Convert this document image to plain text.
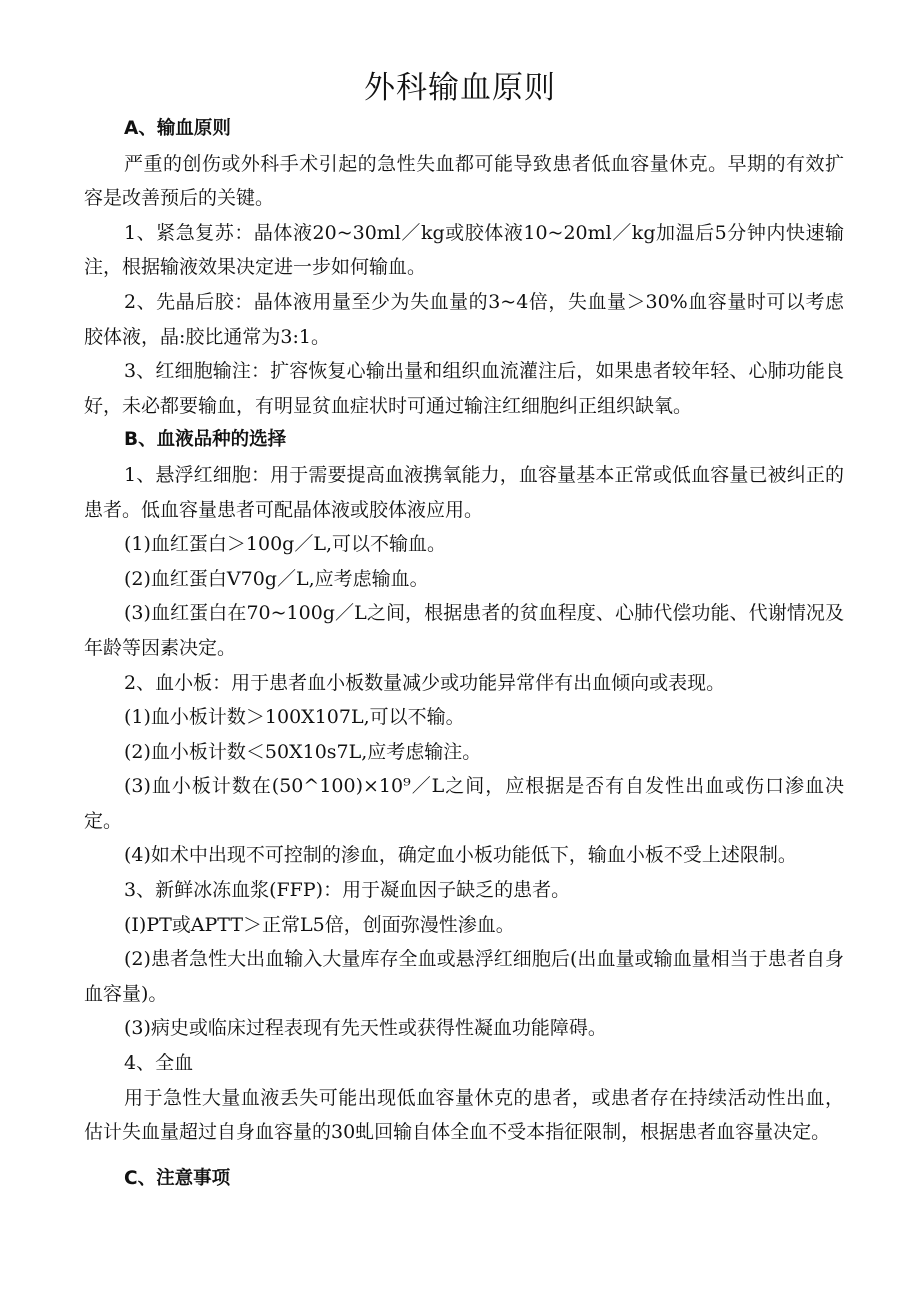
外科输血原则
A、输血原则
严重的创伤或外科手术引起的急性失血都可能导致患者低血容量休克。早期的有效扩容是改善预后的关键。
1、紧急复苏：晶体液20~30ml／kg或胶体液10~20ml／kg加温后5分钟内快速输注，根据输液效果决定进一步如何输血。
2、先晶后胶：晶体液用量至少为失血量的3~4倍，失血量＞30%血容量时可以考虑胶体液，晶:胶比通常为3:1。
3、红细胞输注：扩容恢复心输出量和组织血流灌注后，如果患者较年轻、心肺功能良好，未必都要输血，有明显贫血症状时可通过输注红细胞纠正组织缺氧。
B、血液品种的选择
1、悬浮红细胞：用于需要提高血液携氧能力，血容量基本正常或低血容量已被纠正的患者。低血容量患者可配晶体液或胶体液应用。
(1)血红蛋白＞100g／L,可以不输血。
(2)血红蛋白V70g／L,应考虑输血。
(3)血红蛋白在70~100g／L之间，根据患者的贫血程度、心肺代偿功能、代谢情况及年龄等因素决定。
2、血小板：用于患者血小板数量减少或功能异常伴有出血倾向或表现。
(1)血小板计数＞100X107L,可以不输。
(2)血小板计数＜50X10s7L,应考虑输注。
(3)血小板计数在(50^100)×10⁹／L之间，应根据是否有自发性出血或伤口渗血决定。
(4)如术中出现不可控制的渗血，确定血小板功能低下，输血小板不受上述限制。
3、新鲜冰冻血浆(FFP)：用于凝血因子缺乏的患者。
(I)PT或APTT＞正常L5倍，创面弥漫性渗血。
(2)患者急性大出血输入大量库存全血或悬浮红细胞后(出血量或输血量相当于患者自身血容量)。
(3)病史或临床过程表现有先天性或获得性凝血功能障碍。
4、全血
用于急性大量血液丢失可能出现低血容量休克的患者，或患者存在持续活动性出血，估计失血量超过自身血容量的30虬回输自体全血不受本指征限制，根据患者血容量决定。
C、注意事项
